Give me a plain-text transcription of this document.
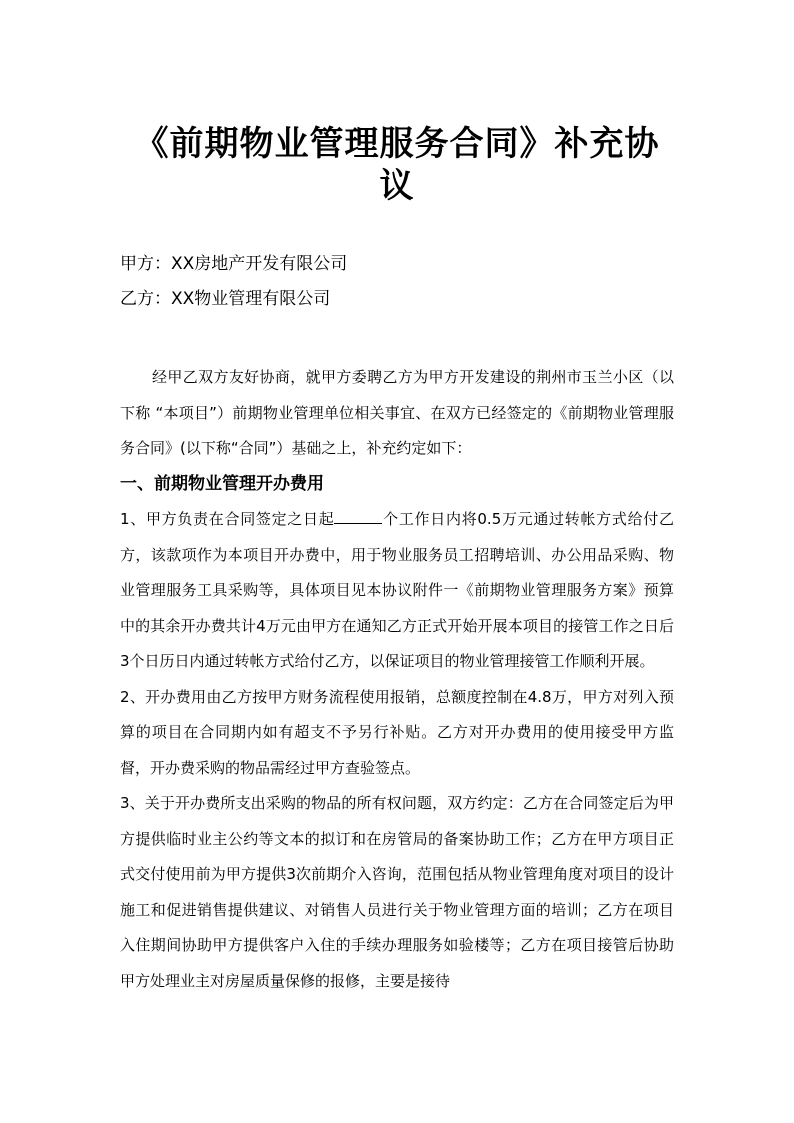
《前期物业管理服务合同》补充协议
甲方：XX房地产开发有限公司
乙方：XX物业管理有限公司

经甲乙双方友好协商，就甲方委聘乙方为甲方开发建设的荆州市玉兰小区（以下称 “本项目”）前期物业管理单位相关事宜、在双方已经签定的《前期物业管理服务合同》(以下称“合同”）基础之上，补充约定如下：

一、前期物业管理开办费用

1、甲方负责在合同签定之日起	个工作日内将0.5万元通过转帐方式给付乙方，该款项作为本项目开办费中，用于物业服务员工招聘培训、办公用品采购、物业管理服务工具采购等，具体项目见本协议附件一《前期物业管理服务方案》预算中的其余开办费共计4万元由甲方在通知乙方正式开始开展本项目的接管工作之日后3个日历日内通过转帐方式给付乙方，以保证项目的物业管理接管工作顺利开展。

2、开办费用由乙方按甲方财务流程使用报销，总额度控制在4.8万，甲方对列入预算的项目在合同期内如有超支不予另行补贴。乙方对开办费用的使用接受甲方监督，开办费采购的物品需经过甲方查验签点。

3、关于开办费所支出采购的物品的所有权问题，双方约定：乙方在合同签定后为甲方提供临时业主公约等文本的拟订和在房管局的备案协助工作；乙方在甲方项目正式交付使用前为甲方提供3次前期介入咨询，范围包括从物业管理角度对项目的设计施工和促进销售提供建议、对销售人员进行关于物业管理方面的培训；乙方在项目入住期间协助甲方提供客户入住的手续办理服务如验楼等；乙方在项目接管后协助甲方处理业主对房屋质量保修的报修，主要是接待
